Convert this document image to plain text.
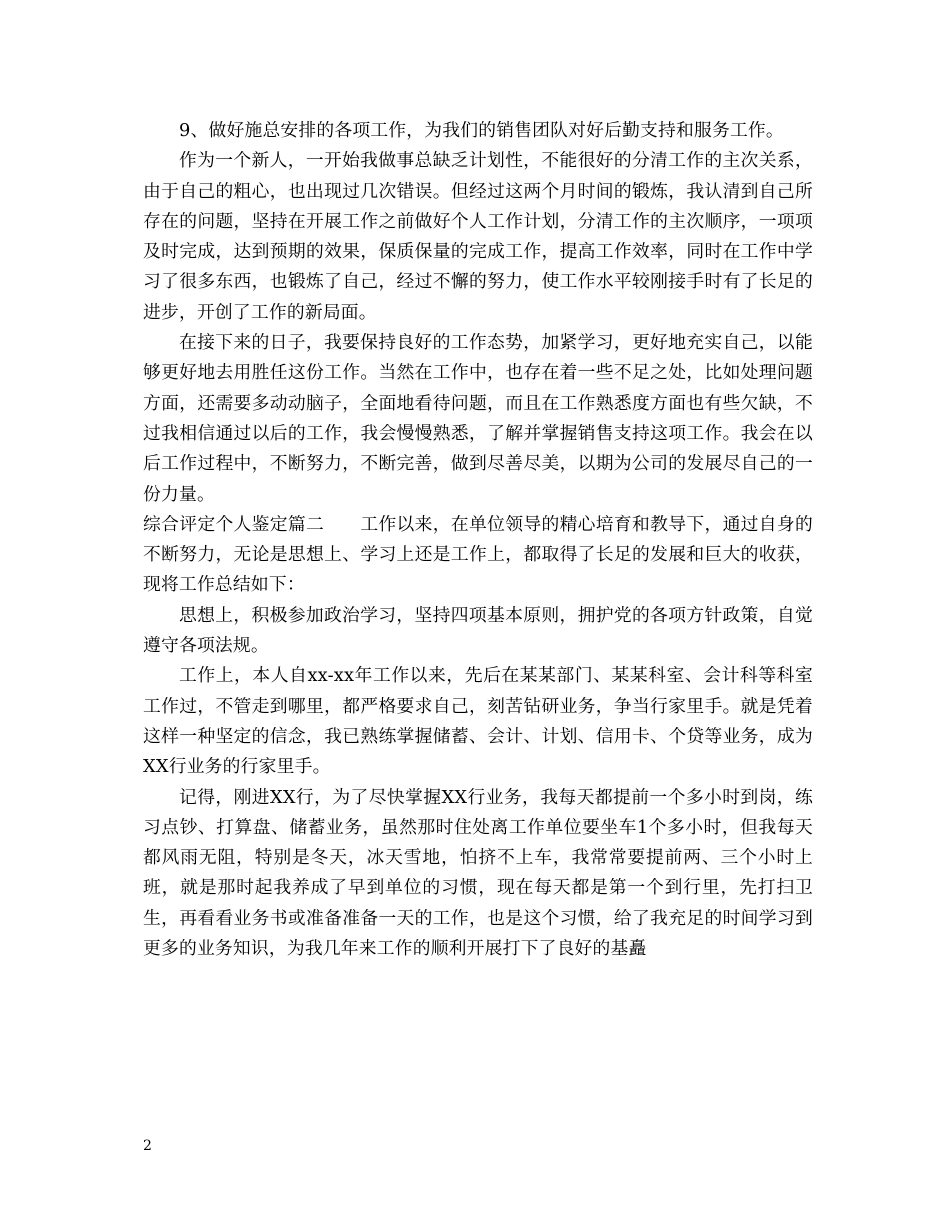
9、做好施总安排的各项工作，为我们的销售团队对好后勤支持和服务工作。

作为一个新人，一开始我做事总缺乏计划性，不能很好的分清工作的主次关系，由于自己的粗心，也出现过几次错误。但经过这两个月时间的锻炼，我认清到自己所存在的问题，坚持在开展工作之前做好个人工作计划，分清工作的主次顺序，一项项及时完成，达到预期的效果，保质保量的完成工作，提高工作效率，同时在工作中学习了很多东西，也锻炼了自己，经过不懈的努力，使工作水平较刚接手时有了长足的进步，开创了工作的新局面。

在接下来的日子，我要保持良好的工作态势，加紧学习，更好地充实自己，以能够更好地去用胜任这份工作。当然在工作中，也存在着一些不足之处，比如处理问题方面，还需要多动动脑子，全面地看待问题，而且在工作熟悉度方面也有些欠缺，不过我相信通过以后的工作，我会慢慢熟悉，了解并掌握销售支持这项工作。我会在以后工作过程中，不断努力，不断完善，做到尽善尽美，以期为公司的发展尽自己的一份力量。

综合评定个人鉴定篇二　　工作以来，在单位领导的精心培育和教导下，通过自身的不断努力，无论是思想上、学习上还是工作上，都取得了长足的发展和巨大的收获，现将工作总结如下：

思想上，积极参加政治学习，坚持四项基本原则，拥护党的各项方针政策，自觉遵守各项法规。

工作上，本人自xx-xx年工作以来，先后在某某部门、某某科室、会计科等科室工作过，不管走到哪里，都严格要求自己，刻苦钻研业务，争当行家里手。就是凭着这样一种坚定的信念，我已熟练掌握储蓄、会计、计划、信用卡、个贷等业务，成为XX行业务的行家里手。

记得，刚进XX行，为了尽快掌握XX行业务，我每天都提前一个多小时到岗，练习点钞、打算盘、储蓄业务，虽然那时住处离工作单位要坐车1个多小时，但我每天都风雨无阻，特别是冬天，冰天雪地，怕挤不上车，我常常要提前两、三个小时上班，就是那时起我养成了早到单位的习惯，现在每天都是第一个到行里，先打扫卫生，再看看业务书或准备准备一天的工作，也是这个习惯，给了我充足的时间学习到更多的业务知识，为我几年来工作的顺利开展打下了良好的基矗

2
